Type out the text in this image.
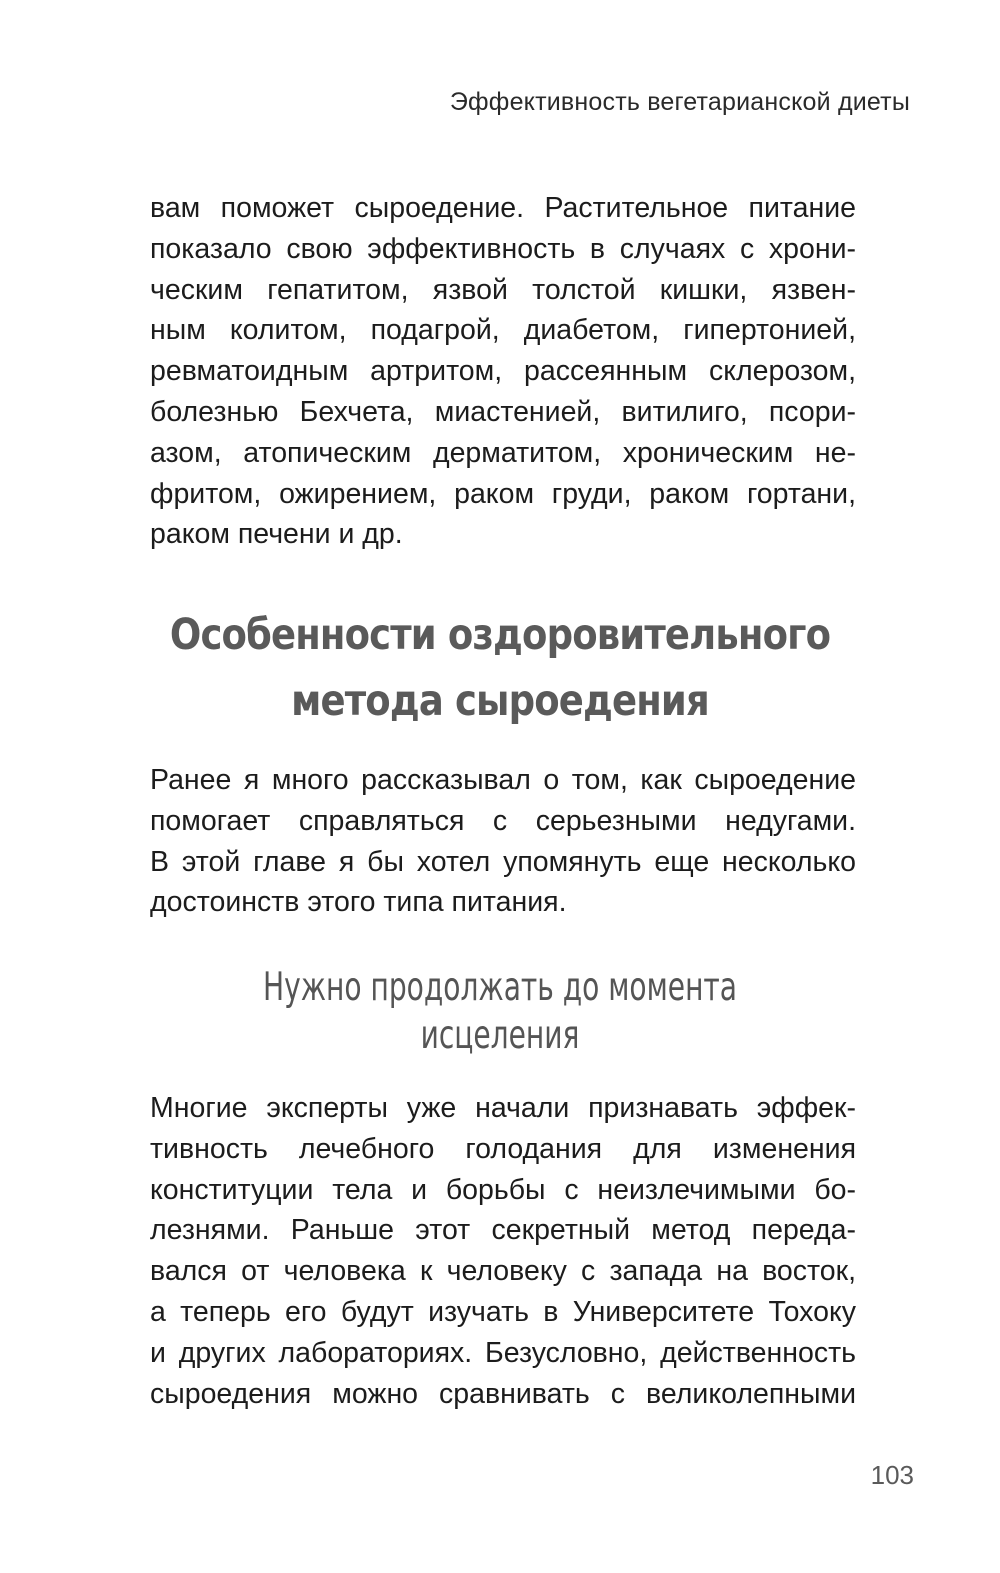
Эффективность вегетарианской диеты
вам поможет сыроедение. Растительное питание
показало свою эффективность в случаях с хрони-
ческим гепатитом, язвой толстой кишки, язвен-
ным колитом, подагрой, диабетом, гипертонией,
ревматоидным артритом, рассеянным склерозом,
болезнью Бехчета, миастенией, витилиго, псори-
азом, атопическим дерматитом, хроническим не-
фритом, ожирением, раком груди, раком гортани,
раком печени и др.
Особенности оздоровительного
метода сыроедения
Ранее я много рассказывал о том, как сыроедение
помогает справляться с серьезными недугами.
В этой главе я бы хотел упомянуть еще несколько
достоинств этого типа питания.
Нужно продолжать до момента
исцеления
Многие эксперты уже начали признавать эффек-
тивность лечебного голодания для изменения
конституции тела и борьбы с неизлечимыми бо-
лезнями. Раньше этот секретный метод переда-
вался от человека к человеку с запада на восток,
а теперь его будут изучать в Университете Тохоку
и других лабораториях. Безусловно, действенность
сыроедения можно сравнивать с великолепными
103
